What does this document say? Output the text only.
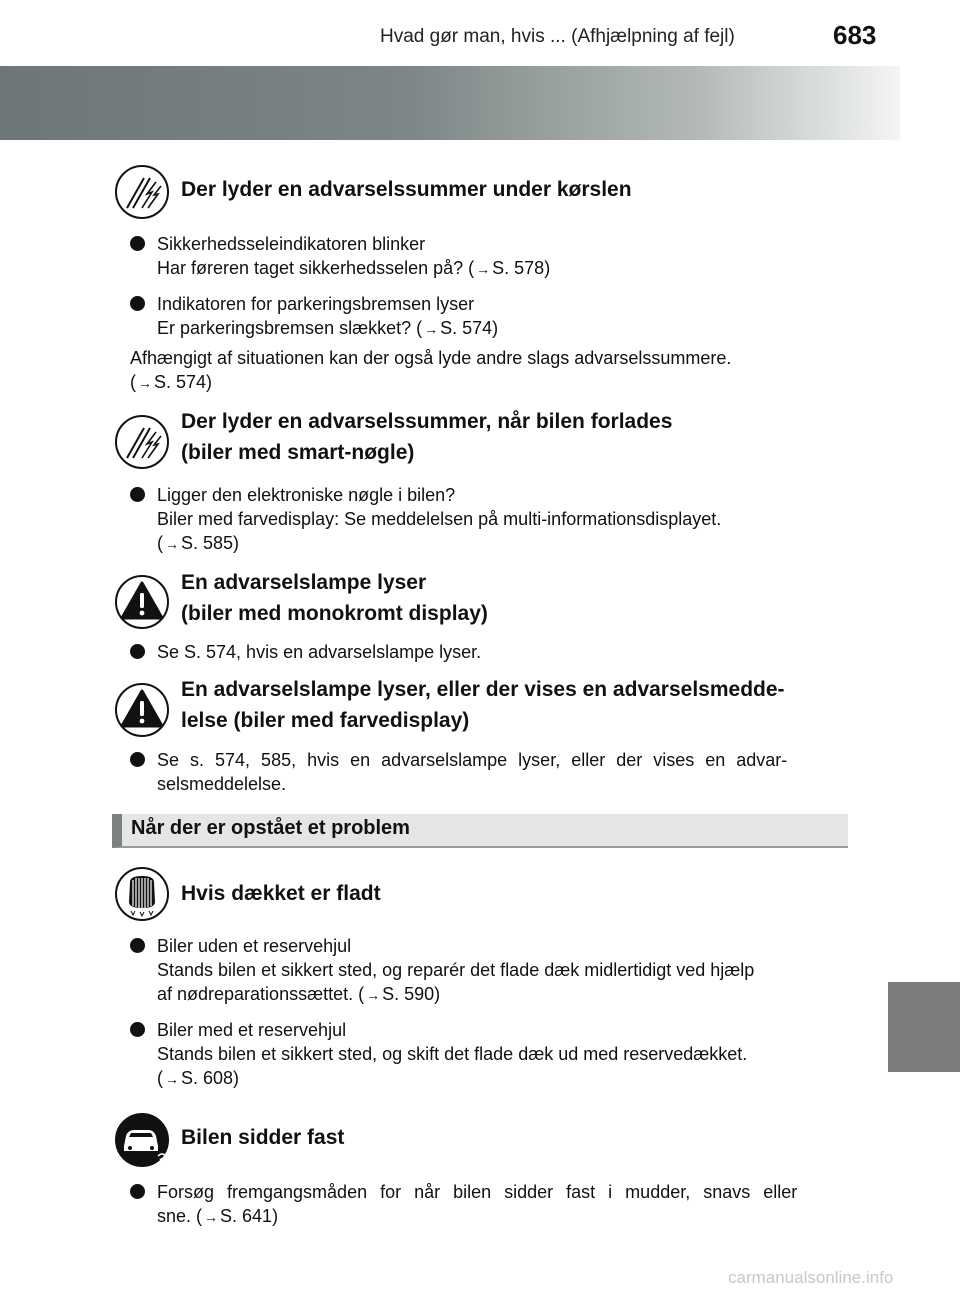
Hvad gør man, hvis ... (Afhjælpning af fejl)	683
Der lyder en advarselssummer under kørslen
Sikkerhedsseleindikatoren blinker
Har føreren taget sikkerhedsselen på? ( → S. 578)
Indikatoren for parkeringsbremsen lyser
Er parkeringsbremsen slækket? ( → S. 574)
Afhængigt af situationen kan der også lyde andre slags advarselssummere.
( → S. 574)
Der lyder en advarselssummer, når bilen forlades
(biler med smart-nøgle)
Ligger den elektroniske nøgle i bilen?
Biler med farvedisplay: Se meddelelsen på multi-informationsdisplayet.
( → S. 585)
En advarselslampe lyser
(biler med monokromt display)
Se S. 574, hvis en advarselslampe lyser.
En advarselslampe lyser, eller der vises en advarselsmedde-
lelse (biler med farvedisplay)
Se s. 574, 585, hvis en advarselslampe lyser, eller der vises en advar-
selsmeddelelse.
Når der er opstået et problem
Hvis dækket er fladt
Biler uden et reservehjul
Stands bilen et sikkert sted, og reparér det flade dæk midlertidigt ved hjælp
af nødreparationssættet. ( → S. 590)
Biler med et reservehjul
Stands bilen et sikkert sted, og skift det flade dæk ud med reservedækket.
( → S. 608)
Bilen sidder fast
Forsøg fremgangsmåden for når bilen sidder fast i mudder, snavs eller
sne. ( → S. 641)
carmanualsonline.info
